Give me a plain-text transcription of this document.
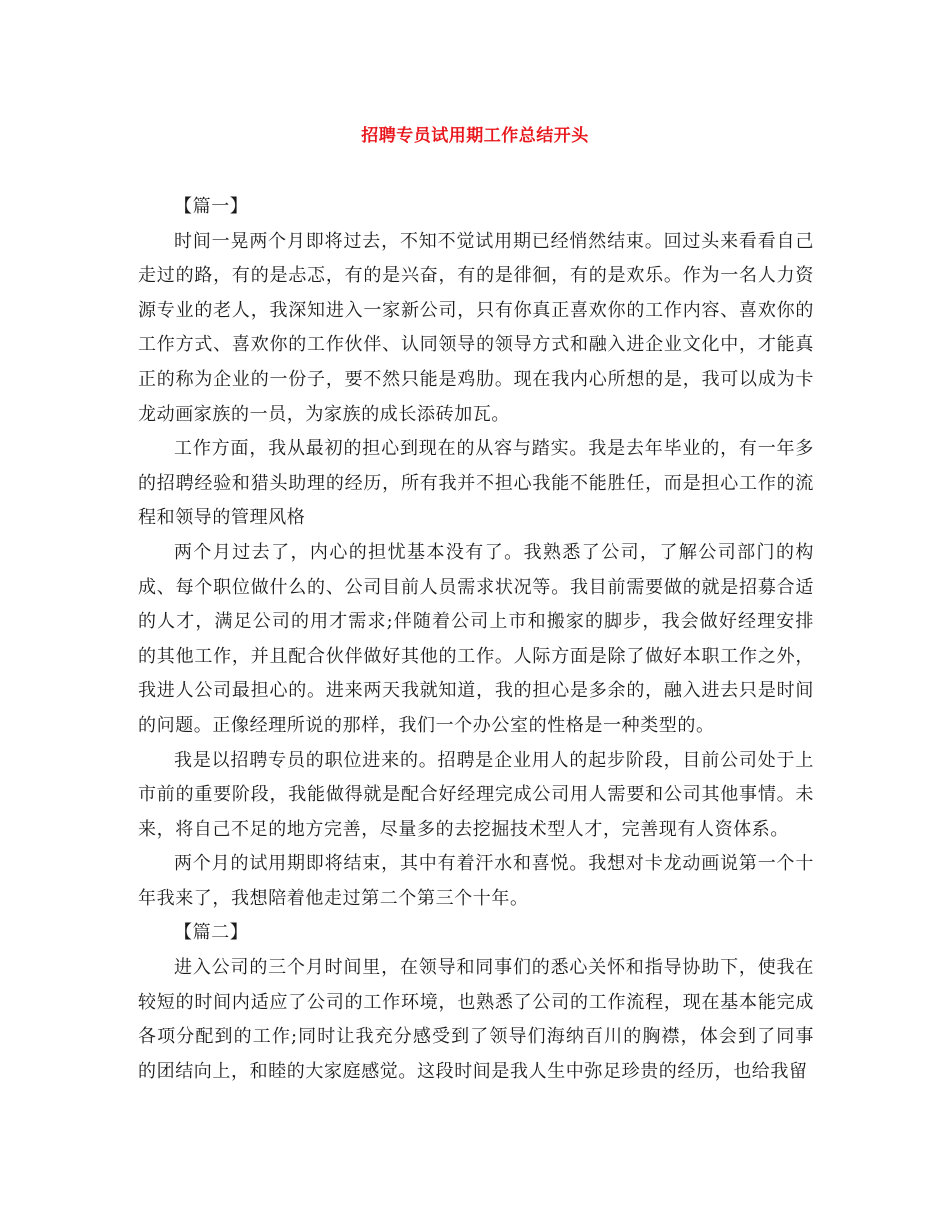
招聘专员试用期工作总结开头

【篇一】

时间一晃两个月即将过去，不知不觉试用期已经悄然结束。回过头来看看自己走过的路，有的是忐忑，有的是兴奋，有的是徘徊，有的是欢乐。作为一名人力资源专业的老人，我深知进入一家新公司，只有你真正喜欢你的工作内容、喜欢你的工作方式、喜欢你的工作伙伴、认同领导的领导方式和融入进企业文化中，才能真正的称为企业的一份子，要不然只能是鸡肋。现在我内心所想的是，我可以成为卡龙动画家族的一员，为家族的成长添砖加瓦。

工作方面，我从最初的担心到现在的从容与踏实。我是去年毕业的，有一年多的招聘经验和猎头助理的经历，所有我并不担心我能不能胜任，而是担心工作的流程和领导的管理风格

两个月过去了，内心的担忧基本没有了。我熟悉了公司，了解公司部门的构成、每个职位做什么的、公司目前人员需求状况等。我目前需要做的就是招募合适的人才，满足公司的用才需求;伴随着公司上市和搬家的脚步，我会做好经理安排的其他工作，并且配合伙伴做好其他的工作。人际方面是除了做好本职工作之外，我进人公司最担心的。进来两天我就知道，我的担心是多余的，融入进去只是时间的问题。正像经理所说的那样，我们一个办公室的性格是一种类型的。

我是以招聘专员的职位进来的。招聘是企业用人的起步阶段，目前公司处于上市前的重要阶段，我能做得就是配合好经理完成公司用人需要和公司其他事情。未来，将自己不足的地方完善，尽量多的去挖掘技术型人才，完善现有人资体系。

两个月的试用期即将结束，其中有着汗水和喜悦。我想对卡龙动画说第一个十年我来了，我想陪着他走过第二个第三个十年。

【篇二】

进入公司的三个月时间里，在领导和同事们的悉心关怀和指导协助下，使我在较短的时间内适应了公司的工作环境，也熟悉了公司的工作流程，现在基本能完成各项分配到的工作;同时让我充分感受到了领导们海纳百川的胸襟，体会到了同事的团结向上，和睦的大家庭感觉。这段时间是我人生中弥足珍贵的经历，也给我留
